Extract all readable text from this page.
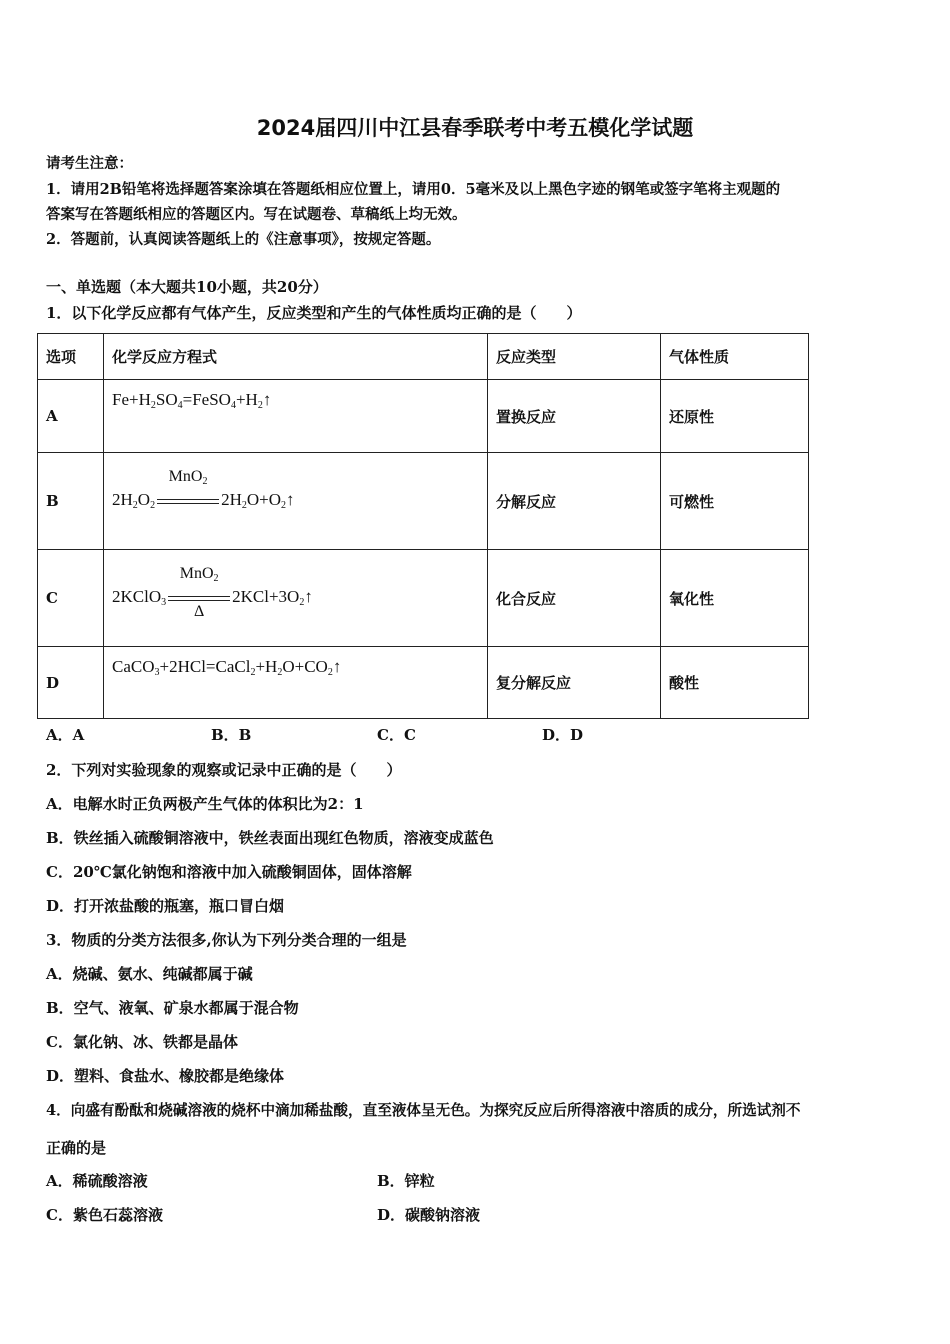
2024届四川中江县春季联考中考五模化学试题
请考生注意：
1．请用2B铅笔将选择题答案涂填在答题纸相应位置上，请用0．5毫米及以上黑色字迹的钢笔或签字笔将主观题的
答案写在答题纸相应的答题区内。写在试题卷、草稿纸上均无效。
2．答题前，认真阅读答题纸上的《注意事项》，按规定答题。
一、单选题（本大题共10小题，共20分）
1．以下化学反应都有气体产生，反应类型和产生的气体性质均正确的是（　　）
选项	化学反应方程式	反应类型	气体性质
A	$Fe+H_2SO_4=FeSO_4+H_2↑$	置换反应	还原性
B	$2H_2O_2$
MnO$_2$
$2H_2O+O_2↑$	分解反应	可燃性
C	2KClO$_3$
MnO$_2$
Δ
$2KCl+3O_2↑$	化合反应	氧化性
D	$CaCO_3+2HCl=CaCl_2+H_2O+CO_2↑$	复分解反应	酸性
A．A	B．B	C．C	D．D
2．下列对实验现象的观察或记录中正确的是（　　）
A．电解水时正负两极产生气体的体积比为2：1
B．铁丝插入硫酸铜溶液中，铁丝表面出现红色物质，溶液变成蓝色
C．20℃氯化钠饱和溶液中加入硫酸铜固体，固体溶解
D．打开浓盐酸的瓶塞，瓶口冒白烟
3．物质的分类方法很多,你认为下列分类合理的一组是
A．烧碱、氨水、纯碱都属于碱
B．空气、液氧、矿泉水都属于混合物
C．氯化钠、冰、铁都是晶体
D．塑料、食盐水、橡胶都是绝缘体
4．向盛有酚酞和烧碱溶液的烧杯中滴加稀盐酸，直至液体呈无色。为探究反应后所得溶液中溶质的成分，所选试剂不
正确的是
A．稀硫酸溶液	B．锌粒
C．紫色石蕊溶液	D．碳酸钠溶液
